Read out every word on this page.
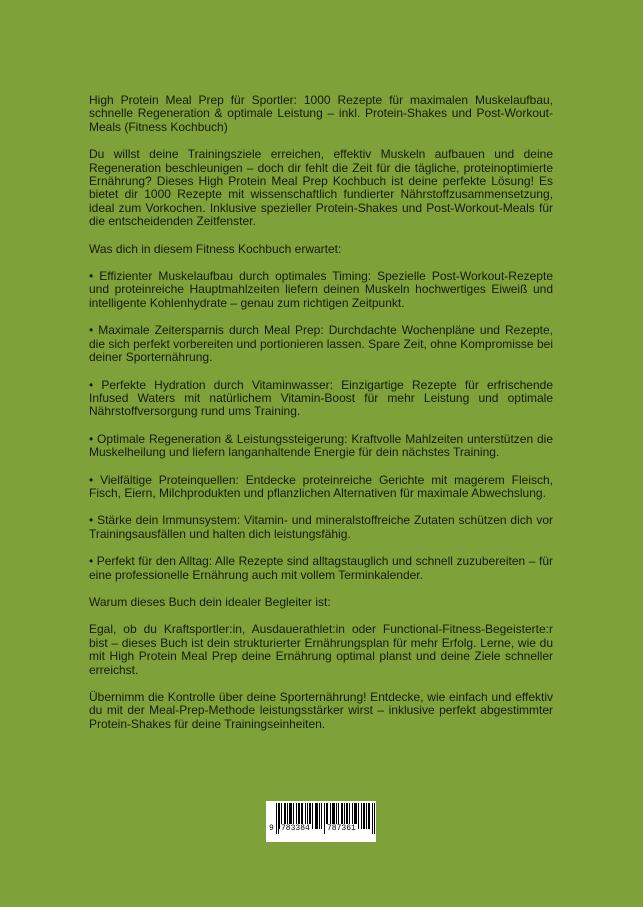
High Protein Meal Prep für Sportler: 1000 Rezepte für maximalen Muskelaufbau, schnelle Regeneration & optimale Leistung – inkl. Protein-Shakes und Post-Workout-Meals (Fitness Kochbuch)

Du willst deine Trainingsziele erreichen, effektiv Muskeln aufbauen und deine Regeneration beschleunigen – doch dir fehlt die Zeit für die tägliche, proteinoptimierte Ernährung? Dieses High Protein Meal Prep Kochbuch ist deine perfekte Lösung! Es bietet dir 1000 Rezepte mit wissenschaftlich fundierter Nährstoffzusammensetzung, ideal zum Vorkochen. Inklusive spezieller Protein-Shakes und Post-Workout-Meals für die entscheidenden Zeitfenster.

Was dich in diesem Fitness Kochbuch erwartet:

• Effizienter Muskelaufbau durch optimales Timing: Spezielle Post-Workout-Rezepte und proteinreiche Hauptmahlzeiten liefern deinen Muskeln hochwertiges Eiweiß und intelligente Kohlenhydrate – genau zum richtigen Zeitpunkt.

• Maximale Zeitersparnis durch Meal Prep: Durchdachte Wochenpläne und Rezepte, die sich perfekt vorbereiten und portionieren lassen. Spare Zeit, ohne Kompromisse bei deiner Sporternährung.

• Perfekte Hydration durch Vitaminwasser: Einzigartige Rezepte für erfrischende Infused Waters mit natürlichem Vitamin-Boost für mehr Leistung und optimale Nährstoffversorgung rund ums Training.

• Optimale Regeneration & Leistungssteigerung: Kraftvolle Mahlzeiten unterstützen die Muskelheilung und liefern langanhaltende Energie für dein nächstes Training.

• Vielfältige Proteinquellen: Entdecke proteinreiche Gerichte mit magerem Fleisch, Fisch, Eiern, Milchprodukten und pflanzlichen Alternativen für maximale Abwechslung.

• Stärke dein Immunsystem: Vitamin- und mineralstoffreiche Zutaten schützen dich vor Trainingsausfällen und halten dich leistungsfähig.

• Perfekt für den Alltag: Alle Rezepte sind alltagstauglich und schnell zuzubereiten – für eine professionelle Ernährung auch mit vollem Terminkalender.

Warum dieses Buch dein idealer Begleiter ist:

Egal, ob du Kraftsportler:in, Ausdauerathlet:in oder Functional-Fitness-Begeisterte:r bist – dieses Buch ist dein strukturierter Ernährungsplan für mehr Erfolg. Lerne, wie du mit High Protein Meal Prep deine Ernährung optimal planst und deine Ziele schneller erreichst.

Übernimm die Kontrolle über deine Sporternährung! Entdecke, wie einfach und effektiv du mit der Meal-Prep-Methode leistungsstärker wirst – inklusive perfekt abgestimmter Protein-Shakes für deine Trainingseinheiten.

9 783384 787361
